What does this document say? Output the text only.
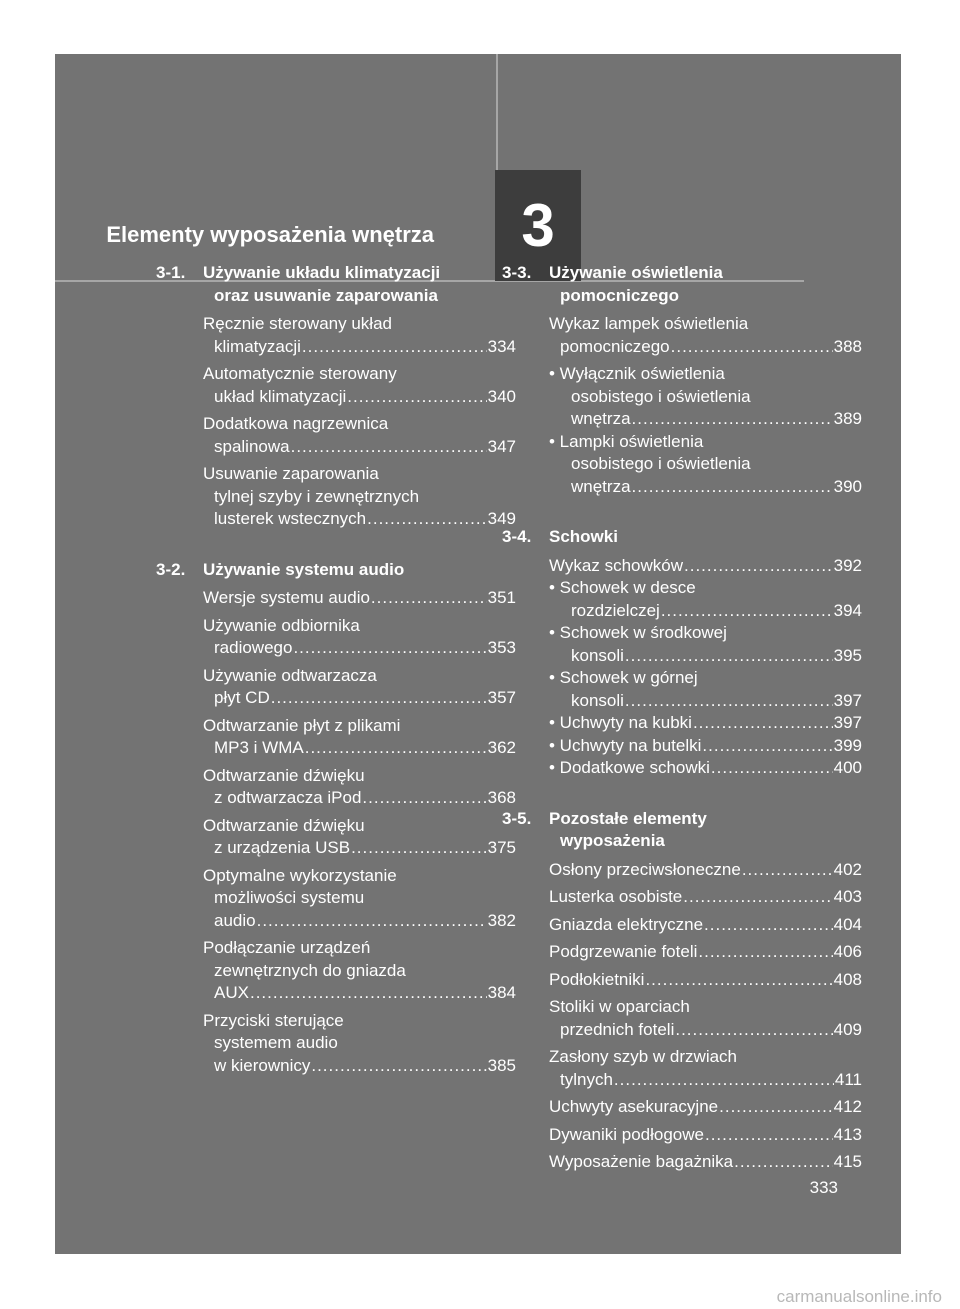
Elementy wyposażenia wnętrza	3
3-1.	Używanie układu klimatyzacji
oraz usuwanie zaparowania
Ręcznie sterowany układ
klimatyzacji .....	334
Automatycznie sterowany
układ klimatyzacji .....	340
Dodatkowa nagrzewnica
spalinowa .....	347
Usuwanie zaparowania
tylnej szyby i zewnętrznych
lusterek wstecznych .....	349
3-2.	Używanie systemu audio
Wersje systemu audio .....	351
Używanie odbiornika
radiowego .....	353
Używanie odtwarzacza
płyt CD .....	357
Odtwarzanie płyt z plikami
MP3 i WMA .....	362
Odtwarzanie dźwięku
z odtwarzacza iPod .....	368
Odtwarzanie dźwięku
z urządzenia USB .....	375
Optymalne wykorzystanie
możliwości systemu
audio .....	382
Podłączanie urządzeń
zewnętrznych do gniazda
AUX .....	384
Przyciski sterujące
systemem audio
w kierownicy .....	385
3-3.	Używanie oświetlenia
pomocniczego
Wykaz lampek oświetlenia
pomocniczego .....	388
• Wyłącznik oświetlenia
osobistego i oświetlenia
wnętrza .....	389
• Lampki oświetlenia
osobistego i oświetlenia
wnętrza .....	390
3-4.	Schowki
Wykaz schowków .....	392
• Schowek w desce
rozdzielczej .....	394
• Schowek w środkowej
konsoli .....	395
• Schowek w górnej
konsoli .....	397
• Uchwyty na kubki .....	397
• Uchwyty na butelki .....	399
• Dodatkowe schowki .....	400
3-5.	Pozostałe elementy
wyposażenia
Osłony przeciwsłoneczne .....	402
Lusterka osobiste .....	403
Gniazda elektryczne .....	404
Podgrzewanie foteli .....	406
Podłokietniki .....	408
Stoliki w oparciach
przednich foteli .....	409
Zasłony szyb w drzwiach
tylnych .....	411
Uchwyty asekuracyjne .....	412
Dywaniki podłogowe .....	413
Wyposażenie bagażnika .....	415
333
carmanualsonline.info
